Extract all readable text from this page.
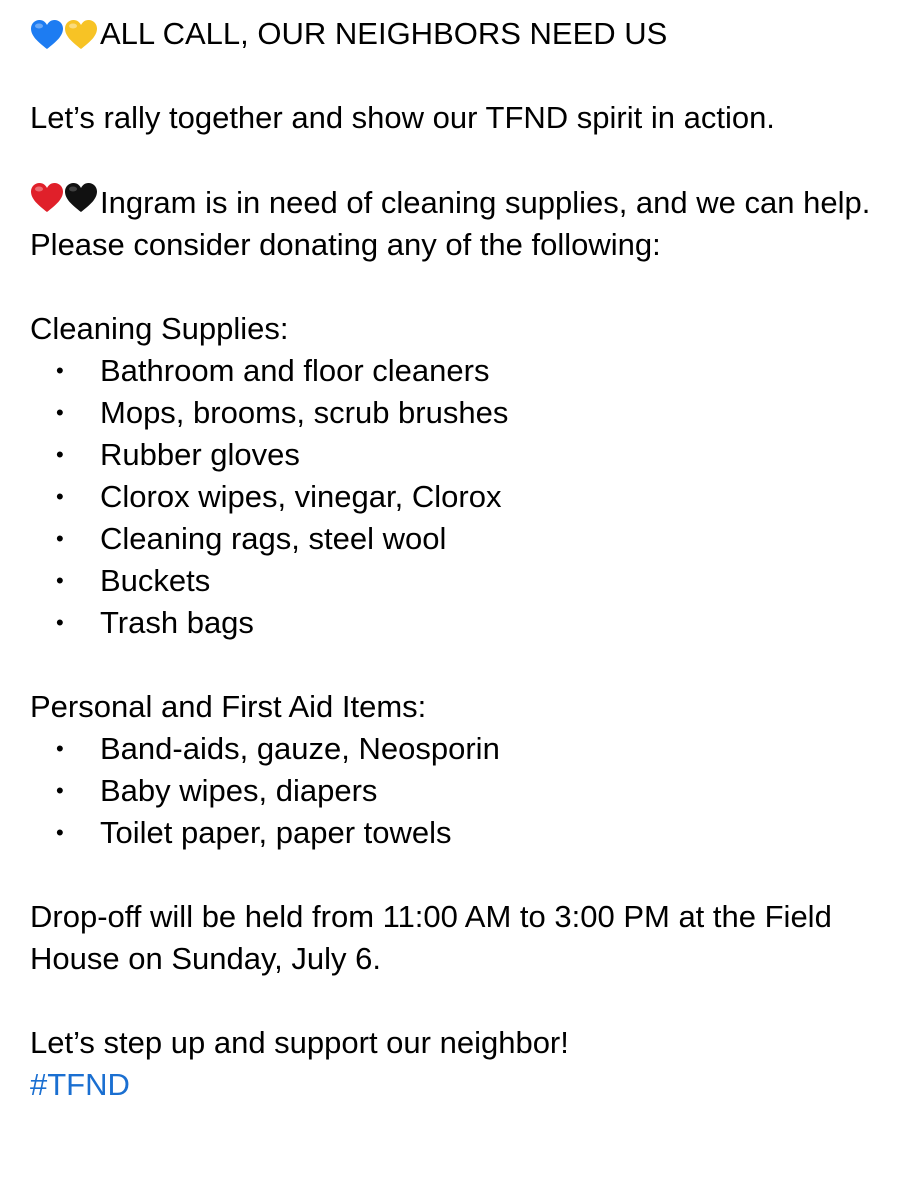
ALL CALL, OUR NEIGHBORS NEED US

Let’s rally together and show our TFND spirit in action.

Ingram is in need of cleaning supplies, and we can help. Please consider donating any of the following:

Cleaning Supplies:

• Bathroom and floor cleaners
• Mops, brooms, scrub brushes
• Rubber gloves
• Clorox wipes, vinegar, Clorox
• Cleaning rags, steel wool
• Buckets
• Trash bags

Personal and First Aid Items:

• Band-aids, gauze, Neosporin
• Baby wipes, diapers
• Toilet paper, paper towels

Drop-off will be held from 11:00 AM to 3:00 PM at the Field House on Sunday, July 6.

Let’s step up and support our neighbor!

#TFND
